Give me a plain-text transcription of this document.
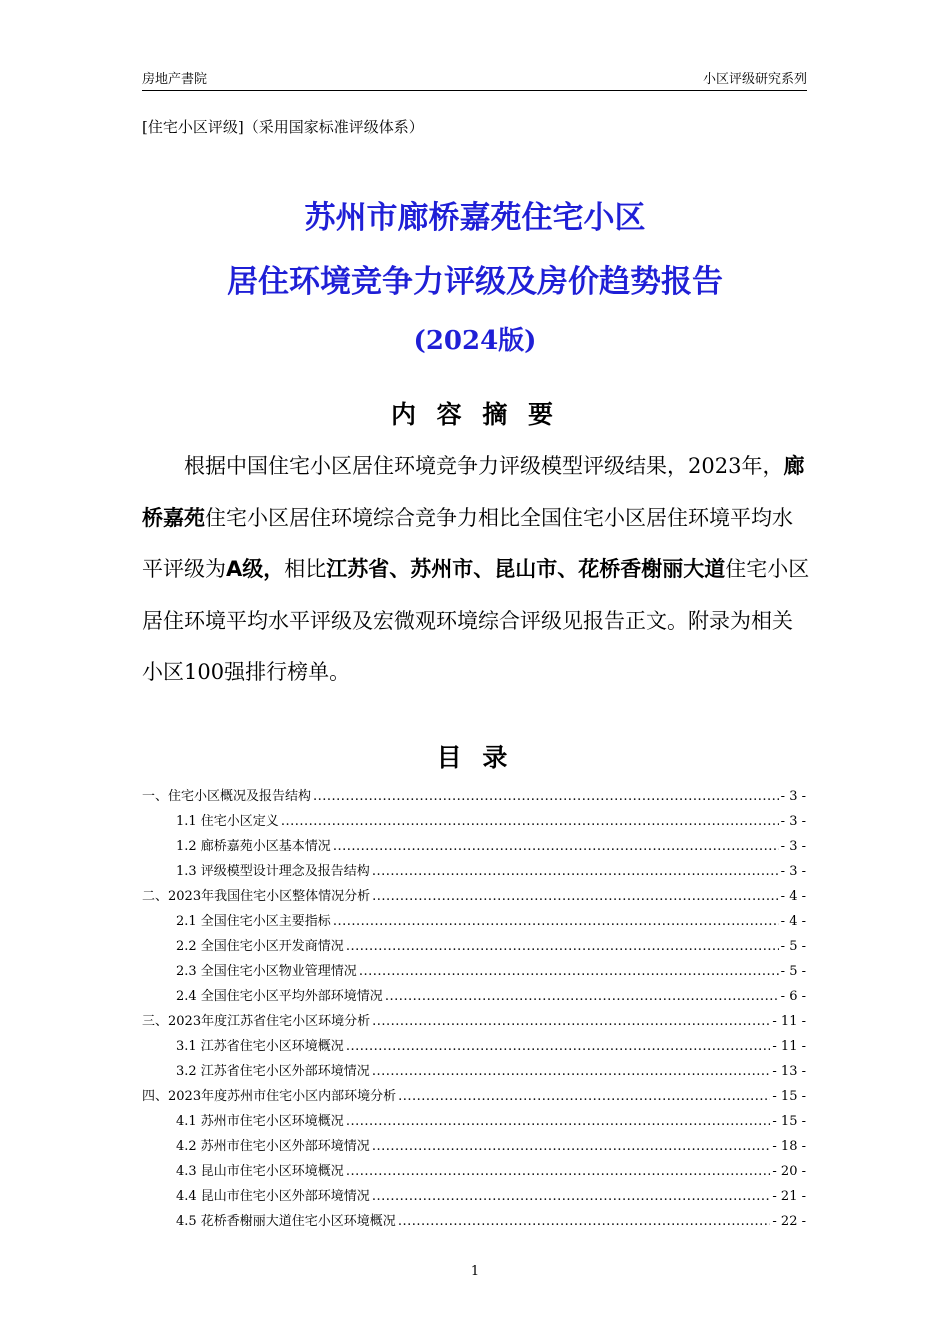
房地产書院	小区评级研究系列
[住宅小区评级]（采用国家标准评级体系）
苏州市廊桥嘉苑住宅小区
居住环境竞争力评级及房价趋势报告
(2024版)
内 容 摘 要
根据中国住宅小区居住环境竞争力评级模型评级结果，2023年，廊桥嘉苑住宅小区居住环境综合竞争力相比全国住宅小区居住环境平均水平评级为A级，相比江苏省、苏州市、昆山市、花桥香榭丽大道住宅小区居住环境平均水平评级及宏微观环境综合评级见报告正文。附录为相关小区100强排行榜单。
目 录
一、住宅小区概况及报告结构 .....	- 3 -
1.1 住宅小区定义 .....	- 3 -
1.2 廊桥嘉苑小区基本情况 .....	- 3 -
1.3 评级模型设计理念及报告结构 .....	- 3 -
二、2023年我国住宅小区整体情况分析 .....	- 4 -
2.1 全国住宅小区主要指标 .....	- 4 -
2.2 全国住宅小区开发商情况 .....	- 5 -
2.3 全国住宅小区物业管理情况 .....	- 5 -
2.4 全国住宅小区平均外部环境情况 .....	- 6 -
三、2023年度江苏省住宅小区环境分析 .....	- 11 -
3.1 江苏省住宅小区环境概况 .....	- 11 -
3.2 江苏省住宅小区外部环境情况 .....	- 13 -
四、2023年度苏州市住宅小区内部环境分析 .....	- 15 -
4.1 苏州市住宅小区环境概况 .....	- 15 -
4.2 苏州市住宅小区外部环境情况 .....	- 18 -
4.3 昆山市住宅小区环境概况 .....	- 20 -
4.4 昆山市住宅小区外部环境情况 .....	- 21 -
4.5 花桥香榭丽大道住宅小区环境概况 .....	- 22 -
1
